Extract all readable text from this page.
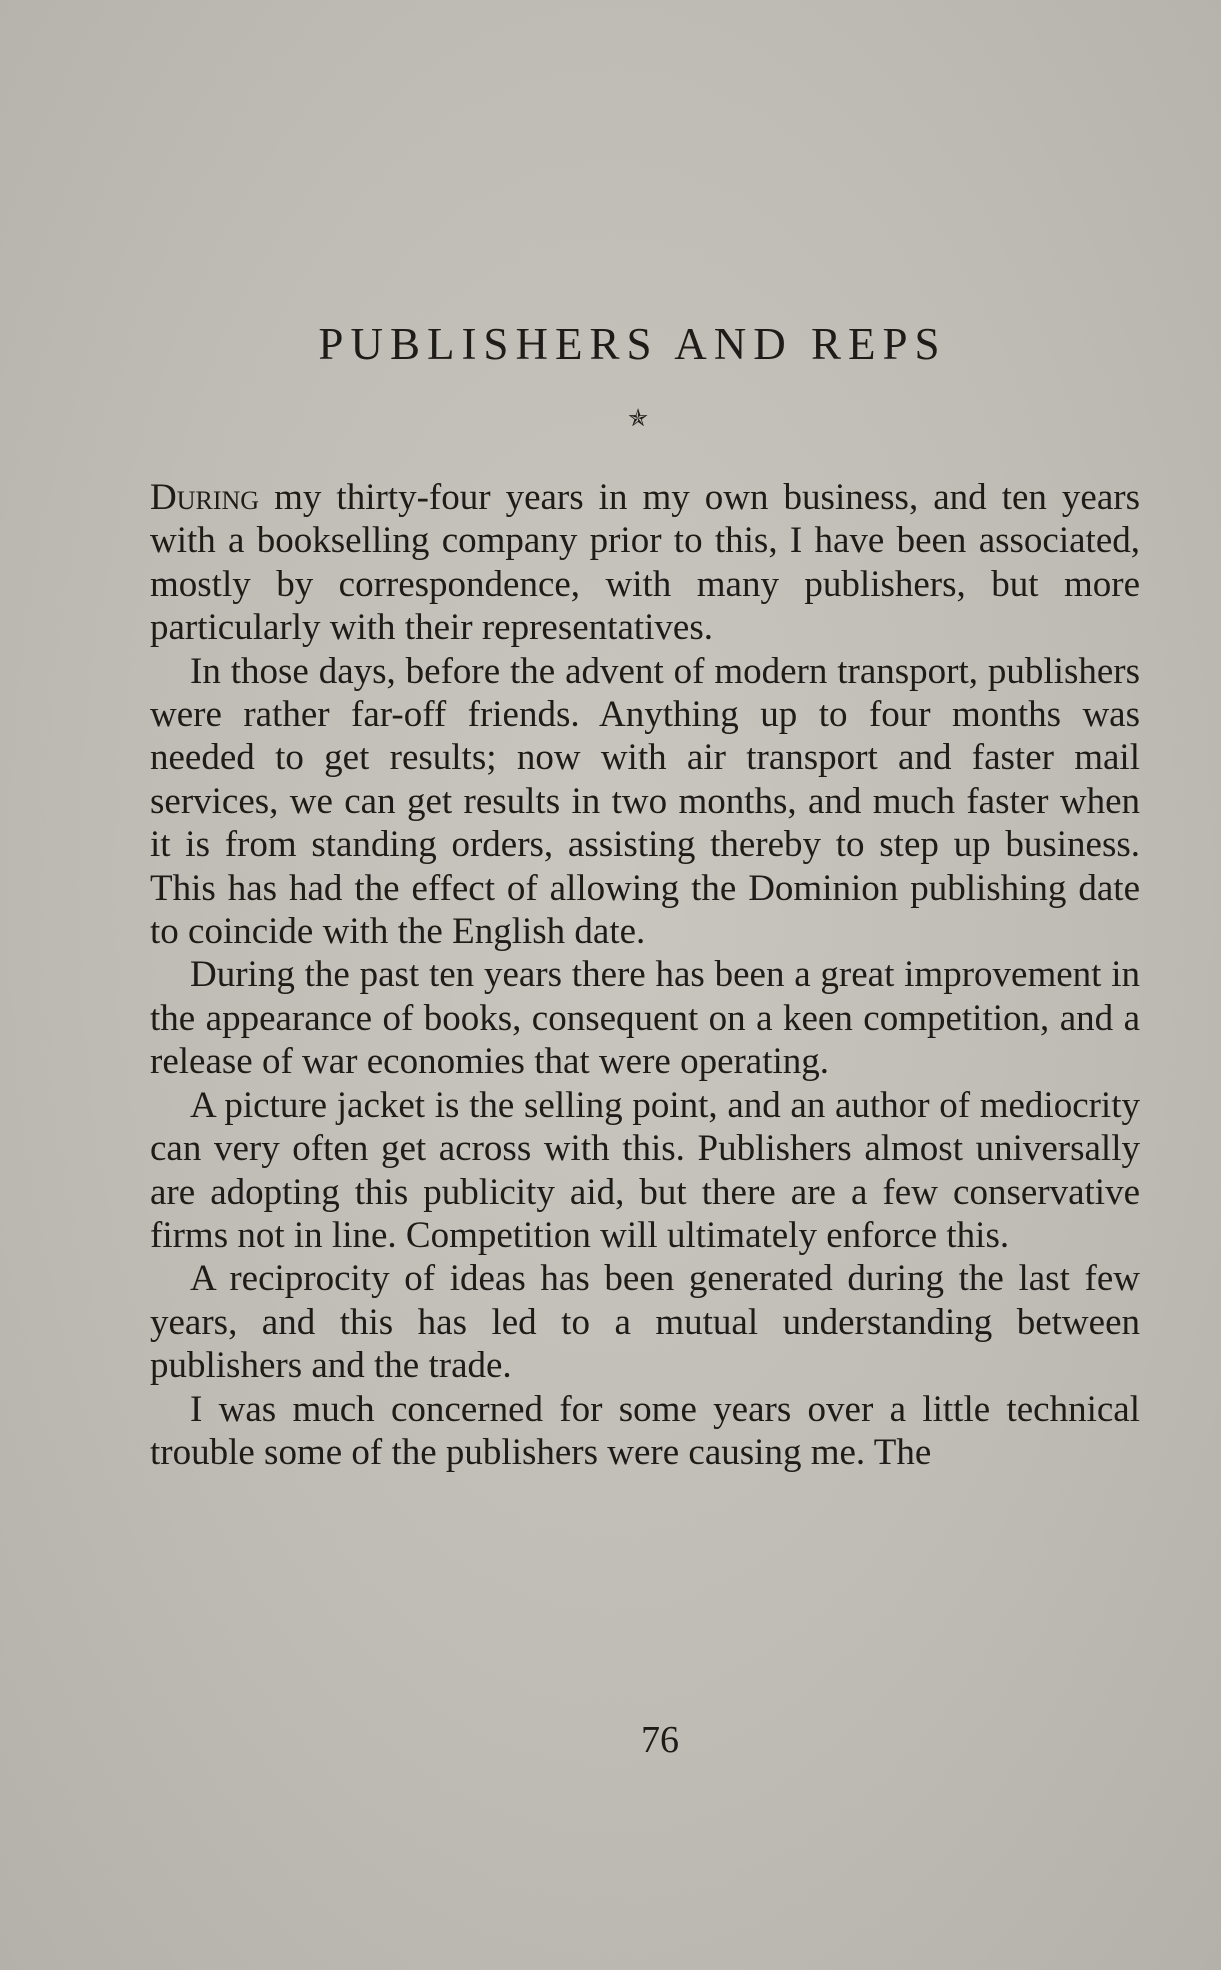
PUBLISHERS AND REPS
✯

During my thirty-four years in my own business, and ten years with a bookselling company prior to this, I have been associated, mostly by correspondence, with many publishers, but more particularly with their representatives.

In those days, before the advent of modern transport, publishers were rather far-off friends. Anything up to four months was needed to get results; now with air transport and faster mail services, we can get results in two months, and much faster when it is from standing orders, assisting thereby to step up business. This has had the effect of allowing the Dominion publishing date to coincide with the English date.

During the past ten years there has been a great improvement in the appearance of books, consequent on a keen competition, and a release of war economies that were operating.

A picture jacket is the selling point, and an author of mediocrity can very often get across with this. Publishers almost universally are adopting this publicity aid, but there are a few conservative firms not in line. Competition will ultimately enforce this.

A reciprocity of ideas has been generated during the last few years, and this has led to a mutual understanding between publishers and the trade.

I was much concerned for some years over a little technical trouble some of the publishers were causing me. The

76
